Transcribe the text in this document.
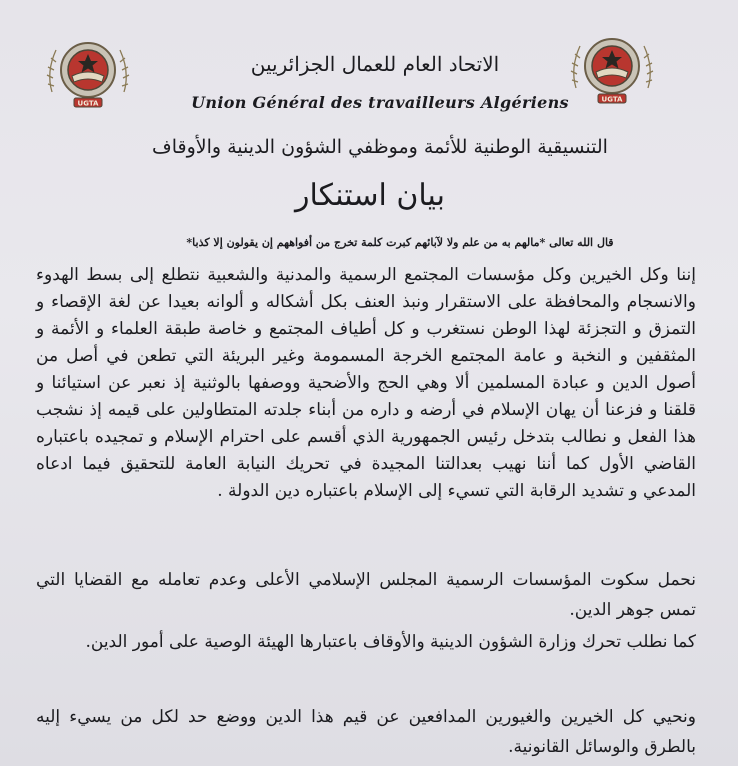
UGTA	UGTA
الاتحاد العام للعمال الجزائريين
Union Général des travailleurs Algériens
التنسيقية الوطنية للأئمة وموظفي الشؤون الدينية والأوقاف
بيان استنكار
قال الله تعالى *مالهم به من علم ولا لآبائهم كبرت كلمة تخرج من أفواههم إن يقولون إلا كذبا*
إننا وكل الخيرين وكل مؤسسات المجتمع الرسمية والمدنية والشعبية نتطلع إلى بسط الهدوء والانسجام والمحافظة على الاستقرار ونبذ العنف بكل أشكاله و ألوانه بعيدا عن لغة الإقصاء و التمزق و التجزئة لهذا الوطن نستغرب و كل أطياف المجتمع و خاصة طبقة العلماء و الأئمة و المثقفين و النخبة و عامة المجتمع الخرجة المسمومة وغير البريئة التي تطعن في أصل من أصول الدين و عبادة المسلمين ألا وهي الحج والأضحية ووصفها بالوثنية إذ نعبر عن استيائنا و قلقنا و فزعنا أن يهان الإسلام في أرضه و داره من أبناء جلدته المتطاولين على قيمه إذ نشجب هذا الفعل و نطالب بتدخل رئيس الجمهورية الذي أقسم على احترام الإسلام و تمجيده باعتباره القاضي الأول كما أننا نهيب بعدالتنا المجيدة في تحريك النيابة العامة للتحقيق فيما ادعاه المدعي و تشديد الرقابة التي تسيء إلى الإسلام باعتباره دين الدولة .
نحمل سكوت المؤسسات الرسمية المجلس الإسلامي الأعلى وعدم تعامله مع القضايا التي تمس جوهر الدين.
كما نطلب تحرك وزارة الشؤون الدينية والأوقاف باعتبارها الهيئة الوصية على أمور الدين.
ونحيي كل الخيرين والغيورين المدافعين عن قيم هذا الدين ووضع حد لكل من يسيء إليه بالطرق والوسائل القانونية.
